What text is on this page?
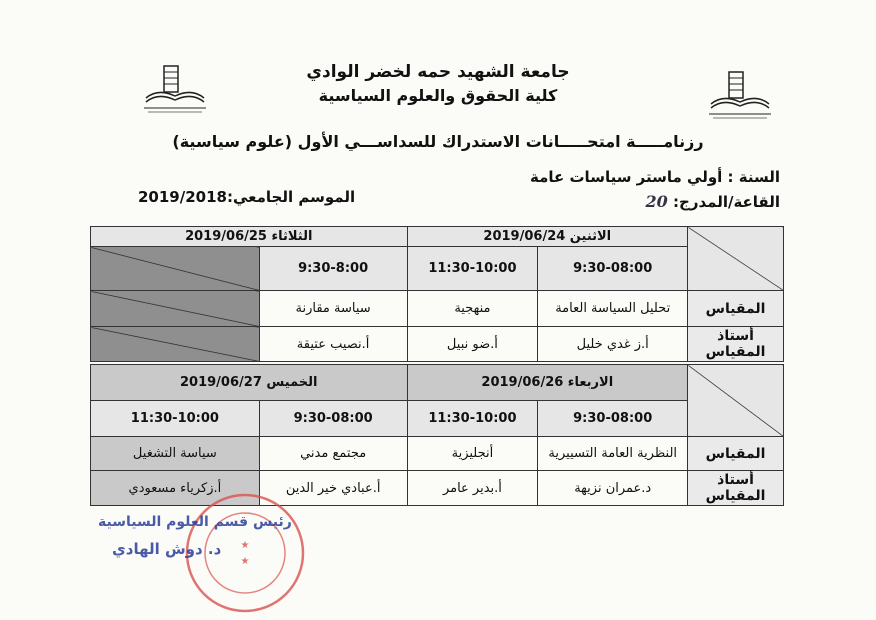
جامعة الشهيد حمه لخضر الوادي
كلية الحقوق والعلوم السياسية
رزنامـــــة امتحـــــانات الاستدراك للسداســـي الأول (علوم سياسية)
السنة : أولي ماستر سياسات عامة
القاعة/المدرج: 20
الموسم الجامعي:2019/2018
	الاثنين 2019/06/24		الثلاثاء 2019/06/25	
	9:30-08:00	11:30-10:00	9:30-8:00	
المقياس	تحليل السياسة العامة	منهجية	سياسة مقارنة	
أستاذ المقياس	أ.ز غدي خليل	أ.ضو نبيل	أ.نصيب عتيقة	
	الاربعاء 2019/06/26		الخميس 2019/06/27	
	9:30-08:00	11:30-10:00	9:30-08:00	11:30-10:00
المقياس	النظرية العامة التسييرية	أنجليزية	مجتمع مدني	سياسة التشغيل
أستاذ المقياس	د.عمران نزيهة	أ.بدير عامر	أ.عبادي خير الدين	أ.زكرياء مسعودي
★
★
رئيس قسم العلوم السياسية
د. دوش الهادي
